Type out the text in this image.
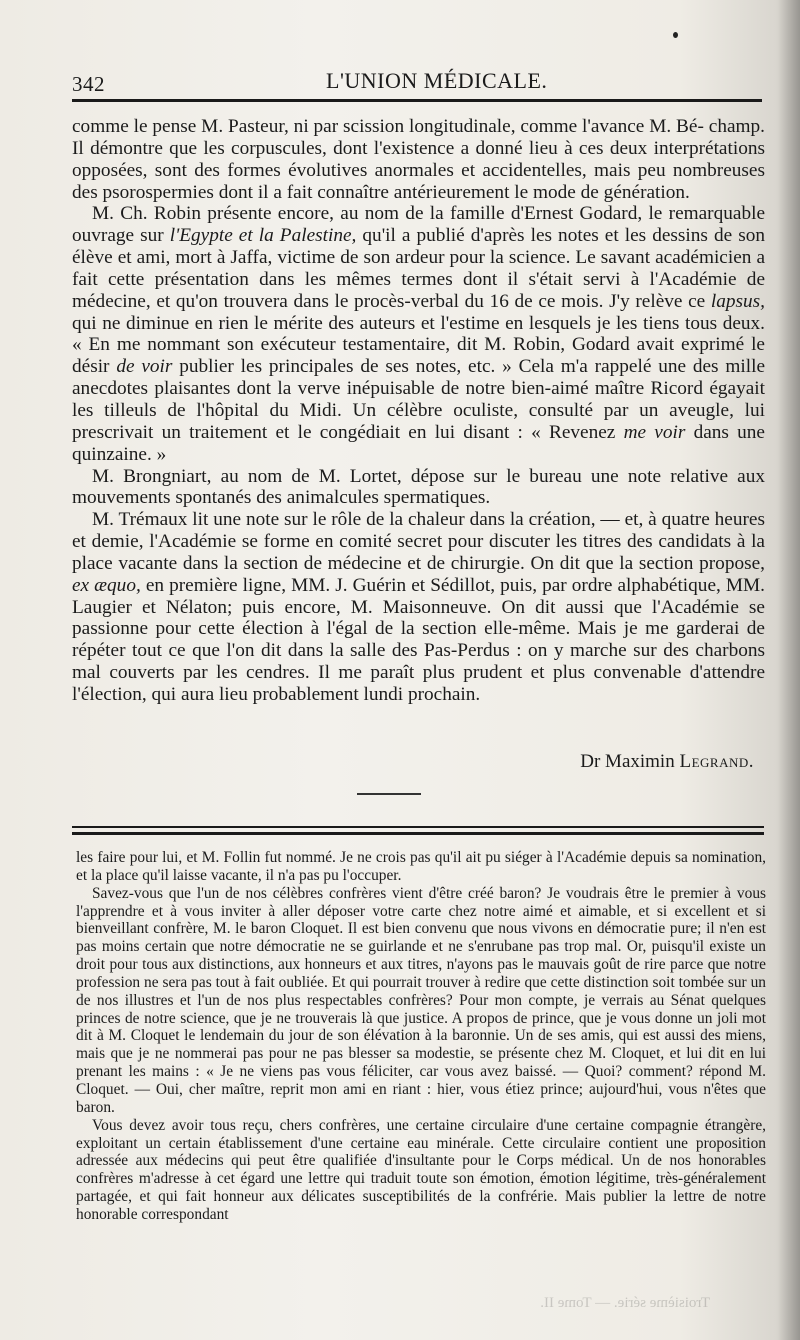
342	L'UNION MÉDICALE.

comme le pense M. Pasteur, ni par scission longitudinale, comme l'avance M. Bé- champ. Il démontre que les corpuscules, dont l'existence a donné lieu à ces deux interprétations opposées, sont des formes évolutives anormales et accidentelles, mais peu nombreuses des psorospermies dont il a fait connaître antérieurement le mode de génération.

M. Ch. Robin présente encore, au nom de la famille d'Ernest Godard, le remarquable ouvrage sur l'Egypte et la Palestine, qu'il a publié d'après les notes et les dessins de son élève et ami, mort à Jaffa, victime de son ardeur pour la science. Le savant académicien a fait cette présentation dans les mêmes termes dont il s'était servi à l'Académie de médecine, et qu'on trouvera dans le procès-verbal du 16 de ce mois. J'y relève ce lapsus, qui ne diminue en rien le mérite des auteurs et l'estime en lesquels je les tiens tous deux. « En me nommant son exécuteur testamentaire, dit M. Robin, Godard avait exprimé le désir de voir publier les principales de ses notes, etc. » Cela m'a rappelé une des mille anecdotes plaisantes dont la verve inépuisable de notre bien-aimé maître Ricord égayait les tilleuls de l'hôpital du Midi. Un célèbre oculiste, consulté par un aveugle, lui prescrivait un traitement et le congédiait en lui disant : « Revenez me voir dans une quinzaine. »

M. Brongniart, au nom de M. Lortet, dépose sur le bureau une note relative aux mouvements spontanés des animalcules spermatiques.

M. Trémaux lit une note sur le rôle de la chaleur dans la création, — et, à quatre heures et demie, l'Académie se forme en comité secret pour discuter les titres des candidats à la place vacante dans la section de médecine et de chirurgie. On dit que la section propose, ex æquo, en première ligne, MM. J. Guérin et Sédillot, puis, par ordre alphabétique, MM. Laugier et Nélaton; puis encore, M. Maisonneuve. On dit aussi que l'Académie se passionne pour cette élection à l'égal de la section elle-même. Mais je me garderai de répéter tout ce que l'on dit dans la salle des Pas-Perdus : on y marche sur des charbons mal couverts par les cendres. Il me paraît plus prudent et plus convenable d'attendre l'élection, qui aura lieu probablement lundi prochain.

Dr Maximin Legrand.

les faire pour lui, et M. Follin fut nommé. Je ne crois pas qu'il ait pu siéger à l'Académie depuis sa nomination, et la place qu'il laisse vacante, il n'a pas pu l'occuper.

Savez-vous que l'un de nos célèbres confrères vient d'être créé baron? Je voudrais être le premier à vous l'apprendre et à vous inviter à aller déposer votre carte chez notre aimé et aimable, et si excellent et si bienveillant confrère, M. le baron Cloquet. Il est bien convenu que nous vivons en démocratie pure; il n'en est pas moins certain que notre démocratie ne se guirlande et ne s'enrubane pas trop mal. Or, puisqu'il existe un droit pour tous aux distinctions, aux honneurs et aux titres, n'ayons pas le mauvais goût de rire parce que notre profession ne sera pas tout à fait oubliée. Et qui pourrait trouver à redire que cette distinction soit tombée sur un de nos illustres et l'un de nos plus respectables confrères? Pour mon compte, je verrais au Sénat quelques princes de notre science, que je ne trouverais là que justice. A propos de prince, que je vous donne un joli mot dit à M. Cloquet le lendemain du jour de son élévation à la baronnie. Un de ses amis, qui est aussi des miens, mais que je ne nommerai pas pour ne pas blesser sa modestie, se présente chez M. Cloquet, et lui dit en lui prenant les mains : « Je ne viens pas vous féliciter, car vous avez baissé. — Quoi? comment? répond M. Cloquet. — Oui, cher maître, reprit mon ami en riant : hier, vous étiez prince; aujourd'hui, vous n'êtes que baron.

Vous devez avoir tous reçu, chers confrères, une certaine circulaire d'une certaine compagnie étrangère, exploitant un certain établissement d'une certaine eau minérale. Cette circulaire contient une proposition adressée aux médecins qui peut être qualifiée d'insultante pour le Corps médical. Un de nos honorables confrères m'adresse à cet égard une lettre qui traduit toute son émotion, émotion légitime, très-généralement partagée, et qui fait honneur aux délicates susceptibilités de la confrérie. Mais publier la lettre de notre honorable correspondant

Troisième série. — Tome II.
